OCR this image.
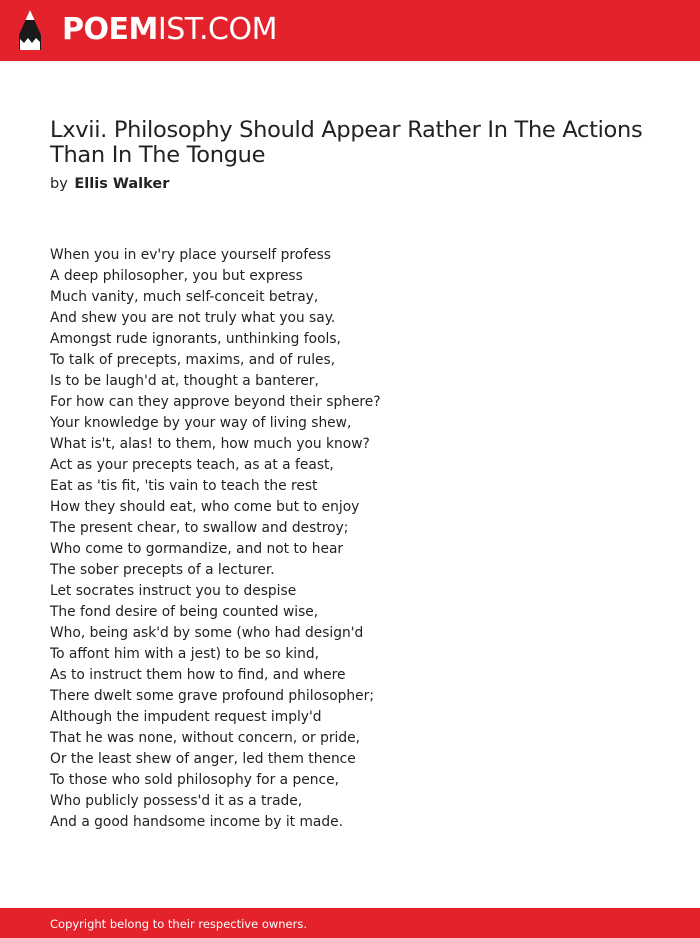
POEMIST.COM
Lxvii. Philosophy Should Appear Rather In The Actions Than In The Tongue
by Ellis Walker
When you in ev'ry place yourself profess
A deep philosopher, you but express
Much vanity, much self-conceit betray,
And shew you are not truly what you say.
Amongst rude ignorants, unthinking fools,
To talk of precepts, maxims, and of rules,
Is to be laugh'd at, thought a banterer,
For how can they approve beyond their sphere?
Your knowledge by your way of living shew,
What is't, alas! to them, how much you know?
Act as your precepts teach, as at a feast,
Eat as 'tis fit, 'tis vain to teach the rest
How they should eat, who come but to enjoy
The present chear, to swallow and destroy;
Who come to gormandize, and not to hear
The sober precepts of a lecturer.
Let socrates instruct you to despise
The fond desire of being counted wise,
Who, being ask'd by some (who had design'd
To affont him with a jest) to be so kind,
As to instruct them how to find, and where
There dwelt some grave profound philosopher;
Although the impudent request imply'd
That he was none, without concern, or pride,
Or the least shew of anger, led them thence
To those who sold philosophy for a pence,
Who publicly possess'd it as a trade,
And a good handsome income by it made.
Copyright belong to their respective owners.
